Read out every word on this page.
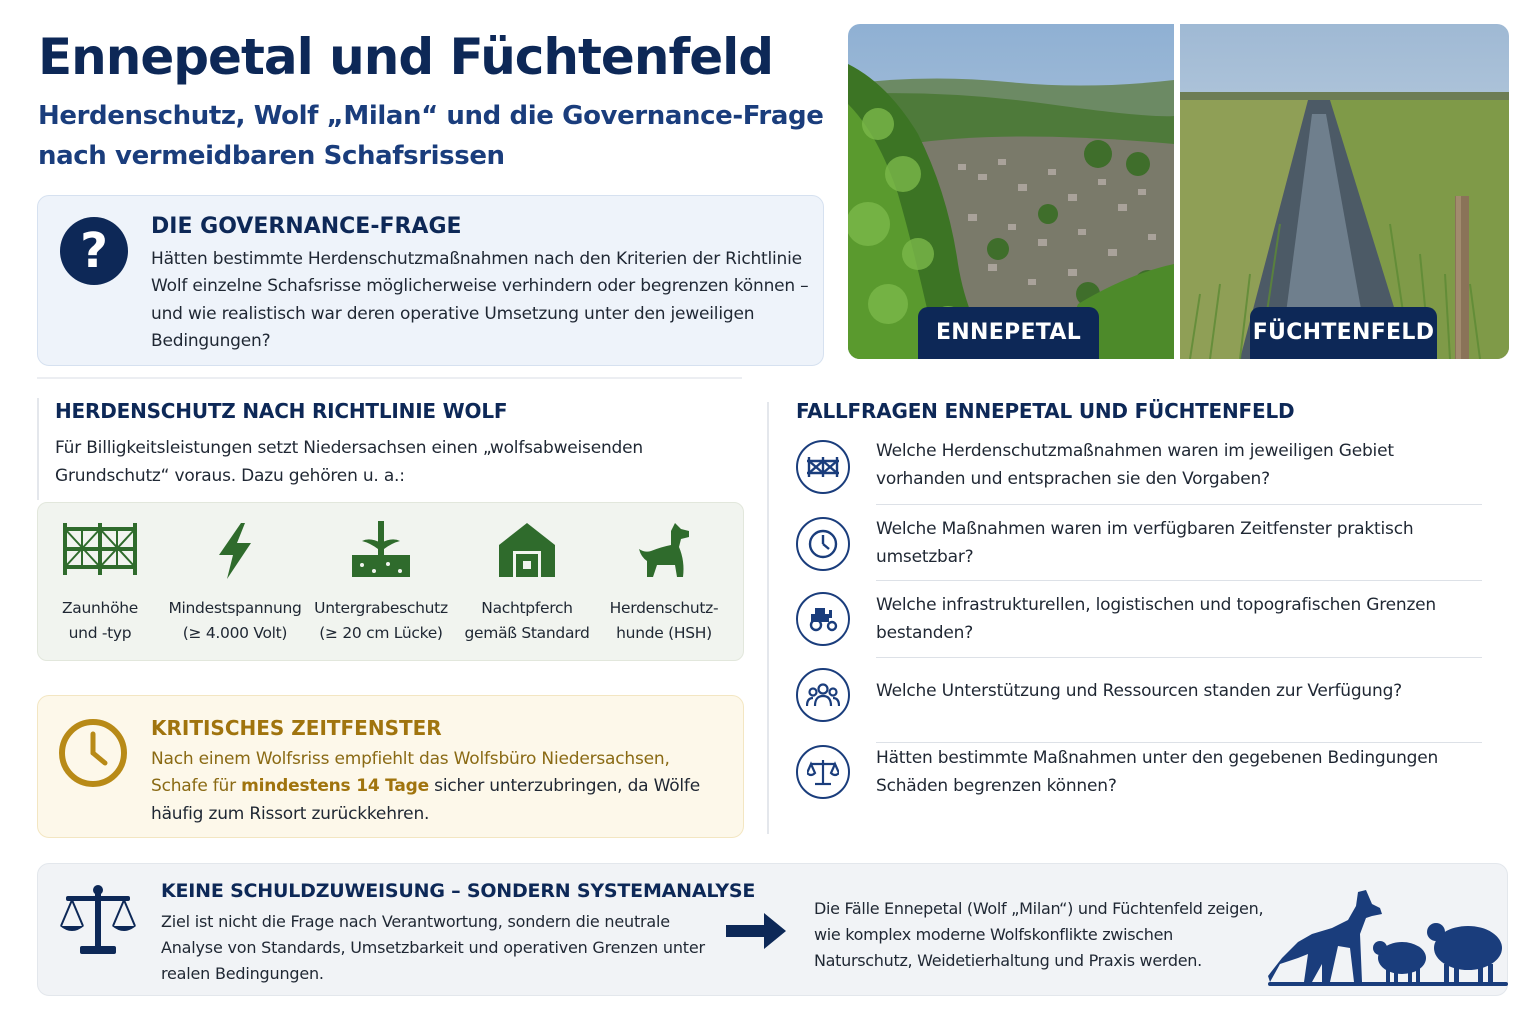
Ennepetal und Füchtenfeld
Herdenschutz, Wolf „Milan“ und die Governance-Frage nach vermeidbaren Schafsrissen
?	DIE GOVERNANCE-FRAGE
Hätten bestimmte Herdenschutzmaßnahmen nach den Kriterien der Richtlinie Wolf einzelne Schafsrisse möglicherweise verhindern oder begrenzen können – und wie realistisch war deren operative Umsetzung unter den jeweiligen Bedingungen?	ENNEPETAL	FÜCHTENFELD
HERDENSCHUTZ NACH RICHTLINIE WOLF
Für Billigkeitsleistungen setzt Niedersachsen einen „wolfsabweisenden Grundschutz“ voraus. Dazu gehören u. a.:
Zaunhöhe
und -typ
Mindestspannung
(≥ 4.000 Volt)
Untergrabeschutz
(≥ 20 cm Lücke)
Nachtpferch
gemäß Standard
Herdenschutz-
hunde (HSH)
KRITISCHES ZEITFENSTER
Nach einem Wolfsriss empfiehlt das Wolfsbüro Niedersachsen, Schafe für mindestens 14 Tage sicher unterzubringen, da Wölfe häufig zum Rissort zurückkehren.
FALLFRAGEN ENNEPETAL UND FÜCHTENFELD
Welche Herdenschutzmaßnahmen waren im jeweiligen Gebiet vorhanden und entsprachen sie den Vorgaben?
Welche Maßnahmen waren im verfügbaren Zeitfenster praktisch umsetzbar?
Welche infrastrukturellen, logistischen und topografischen Grenzen bestanden?
Welche Unterstützung und Ressourcen standen zur Verfügung?
Hätten bestimmte Maßnahmen unter den gegebenen Bedingungen Schäden begrenzen können?
KEINE SCHULDZUWEISUNG – SONDERN SYSTEMANALYSE
Ziel ist nicht die Frage nach Verantwortung, sondern die neutrale Analyse von Standards, Umsetzbarkeit und operativen Grenzen unter realen Bedingungen.
Die Fälle Ennepetal (Wolf „Milan“) und Füchtenfeld zeigen, wie komplex moderne Wolfskonflikte zwischen Naturschutz, Weidetierhaltung und Praxis werden.
